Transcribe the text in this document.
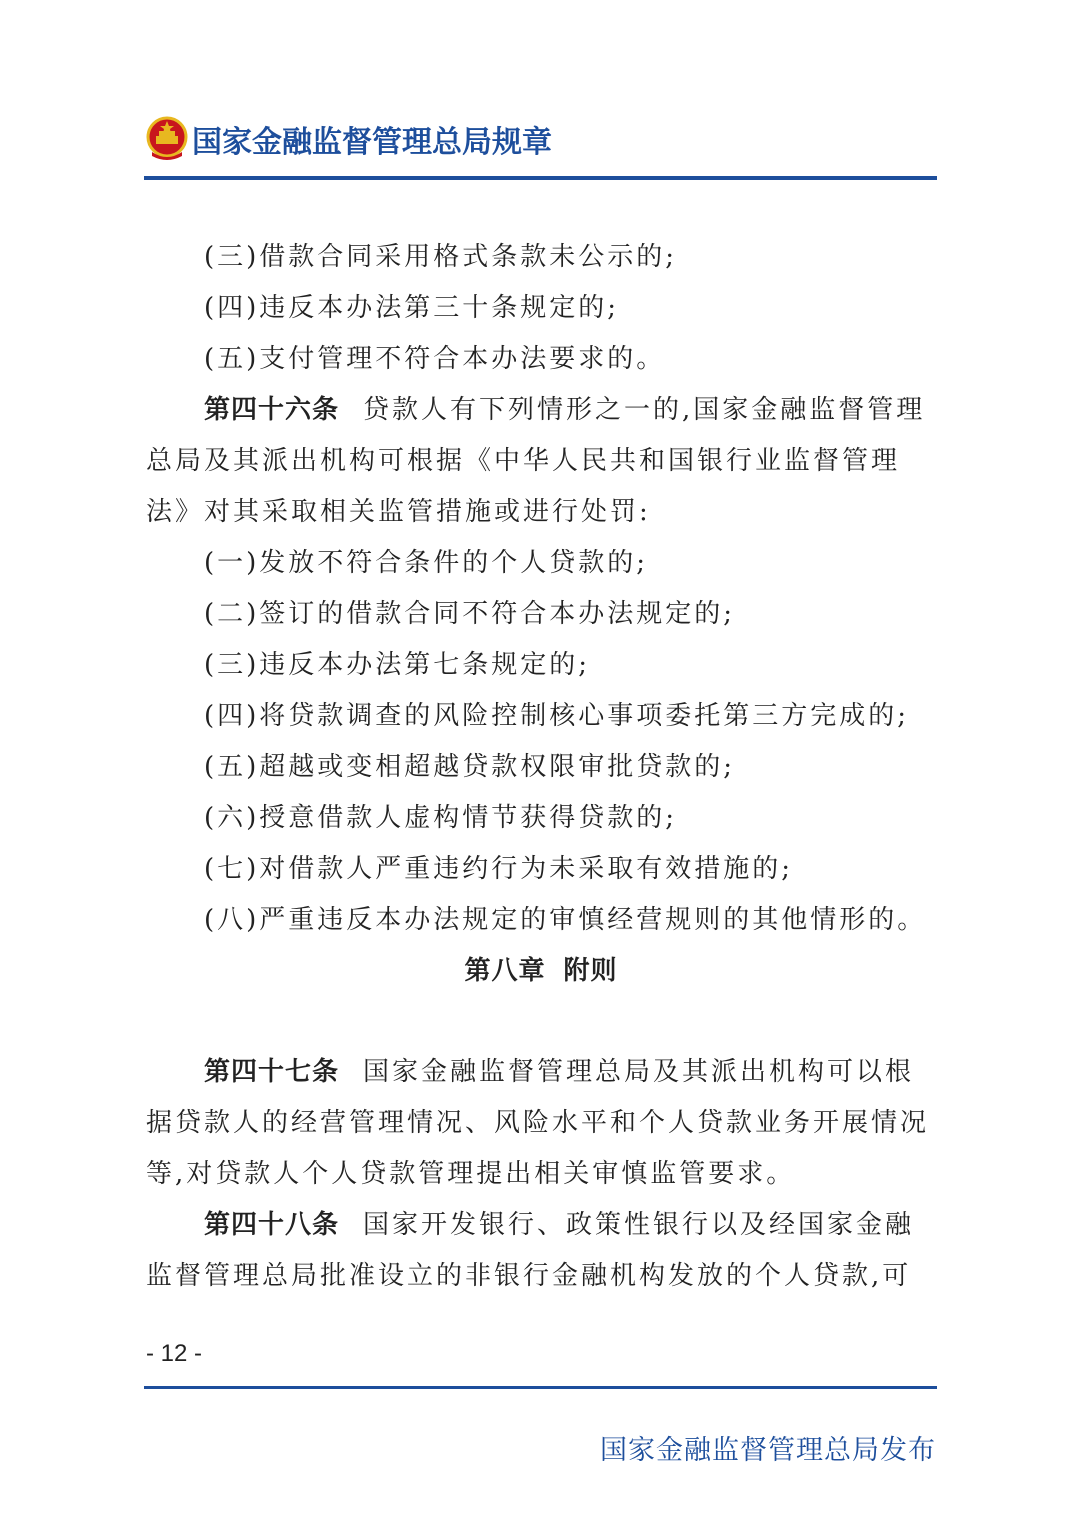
国家金融监督管理总局规章
(三)借款合同采用格式条款未公示的;
(四)违反本办法第三十条规定的;
(五)支付管理不符合本办法要求的。
第四十六条 贷款人有下列情形之一的,国家金融监督管理
总局及其派出机构可根据《中华人民共和国银行业监督管理
法》对其采取相关监管措施或进行处罚:
(一)发放不符合条件的个人贷款的;
(二)签订的借款合同不符合本办法规定的;
(三)违反本办法第七条规定的;
(四)将贷款调查的风险控制核心事项委托第三方完成的;
(五)超越或变相超越贷款权限审批贷款的;
(六)授意借款人虚构情节获得贷款的;
(七)对借款人严重违约行为未采取有效措施的;
(八)严重违反本办法规定的审慎经营规则的其他情形的。
第八章 附则
第四十七条 国家金融监督管理总局及其派出机构可以根
据贷款人的经营管理情况、风险水平和个人贷款业务开展情况
等,对贷款人个人贷款管理提出相关审慎监管要求。
第四十八条 国家开发银行、政策性银行以及经国家金融
监督管理总局批准设立的非银行金融机构发放的个人贷款,可
- 12 -
国家金融监督管理总局发布
